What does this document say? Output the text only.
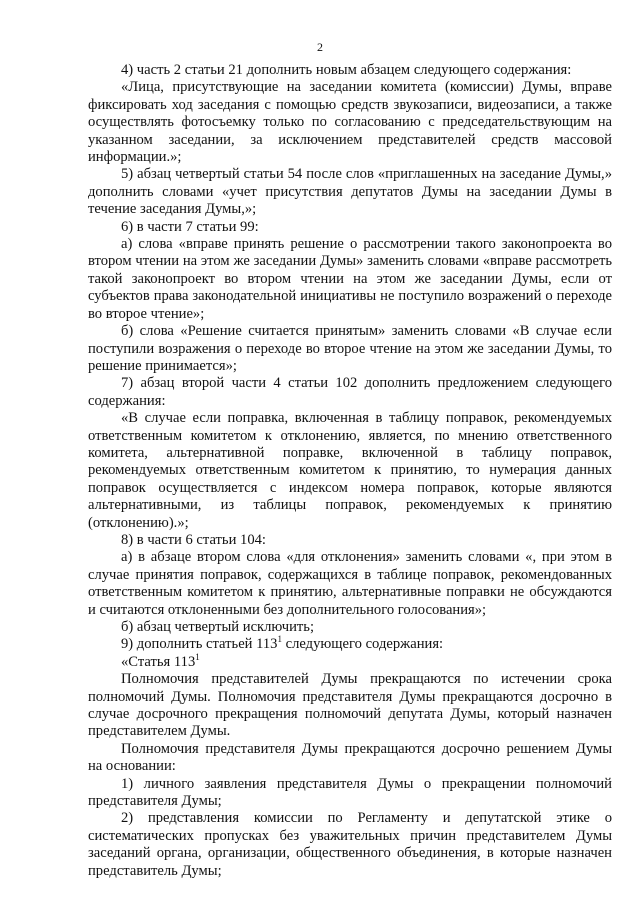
2

4) часть 2 статьи 21 дополнить новым абзацем следующего содержания:

«Лица, присутствующие на заседании комитета (комиссии) Думы, вправе фиксировать ход заседания с помощью средств звукозаписи, видеозаписи, а также осуществлять фотосъемку только по согласованию с председательствующим на указанном заседании, за исключением представителей средств массовой информации.»;

5) абзац четвертый статьи 54 после слов «приглашенных на заседание Думы,» дополнить словами «учет присутствия депутатов Думы на заседании Думы в течение заседания Думы,»;

6) в части 7 статьи 99:

а) слова «вправе принять решение о рассмотрении такого законопроекта во втором чтении на этом же заседании Думы» заменить словами «вправе рассмотреть такой законопроект во втором чтении на этом же заседании Думы, если от субъектов права законодательной инициативы не поступило возражений о переходе во второе чтение»;

б) слова «Решение считается принятым» заменить словами «В случае если поступили возражения о переходе во второе чтение на этом же заседании Думы, то решение принимается»;

7) абзац второй части 4 статьи 102 дополнить предложением следующего содержания:

«В случае если поправка, включенная в таблицу поправок, рекомендуемых ответственным комитетом к отклонению, является, по мнению ответственного комитета, альтернативной поправке, включенной в таблицу поправок, рекомендуемых ответственным комитетом к принятию, то нумерация данных поправок осуществляется с индексом номера поправок, которые являются альтернативными, из таблицы поправок, рекомендуемых к принятию (отклонению).»;

8) в части 6 статьи 104:

а) в абзаце втором слова «для отклонения» заменить словами «, при этом в случае принятия поправок, содержащихся в таблице поправок, рекомендованных ответственным комитетом к принятию, альтернативные поправки не обсуждаются и считаются отклоненными без дополнительного голосования»;

б) абзац четвертый исключить;

9) дополнить статьей $113^1$ следующего содержания:

«Статья $113^1$

Полномочия представителей Думы прекращаются по истечении срока полномочий Думы. Полномочия представителя Думы прекращаются досрочно в случае досрочного прекращения полномочий депутата Думы, который назначен представителем Думы.

Полномочия представителя Думы прекращаются досрочно решением Думы на основании:

1) личного заявления представителя Думы о прекращении полномочий представителя Думы;

2) представления комиссии по Регламенту и депутатской этике о систематических пропусках без уважительных причин представителем Думы заседаний органа, организации, общественного объединения, в которые назначен представитель Думы;
